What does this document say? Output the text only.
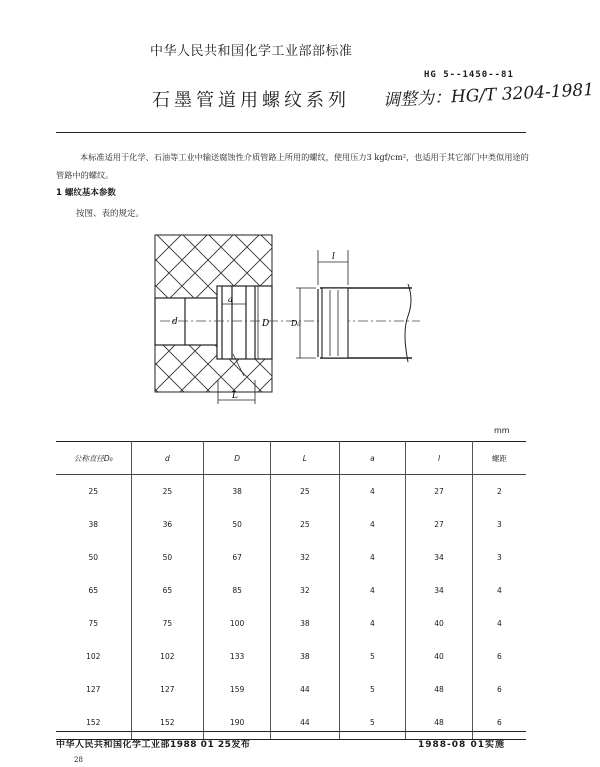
中华人民共和国化学工业部部标准
HG 5--1450--81
石墨管道用螺纹系列 调整为：HG/T 3204-1981
本标准适用于化学、石油等工业中输送腐蚀性介质管路上所用的螺纹，使用压力3 kgf/cm²，也适用于其它部门中类似用途的管路中的螺纹。
1 螺纹基本参数
按图、表的规定。
d
a
D
L
l
D₀
mm
公称直径D₀	d	D	L	a	l	螺距
25	25	38	25	4	27	2
38	36	50	25	4	27	3
50	50	67	32	4	34	3
65	65	85	32	4	34	4
75	75	100	38	4	40	4
102	102	133	38	5	40	6
127	127	159	44	5	48	6
152	152	190	44	5	48	6
中华人民共和国化学工业部1988 01 25发布	1988-08 01实施
28
